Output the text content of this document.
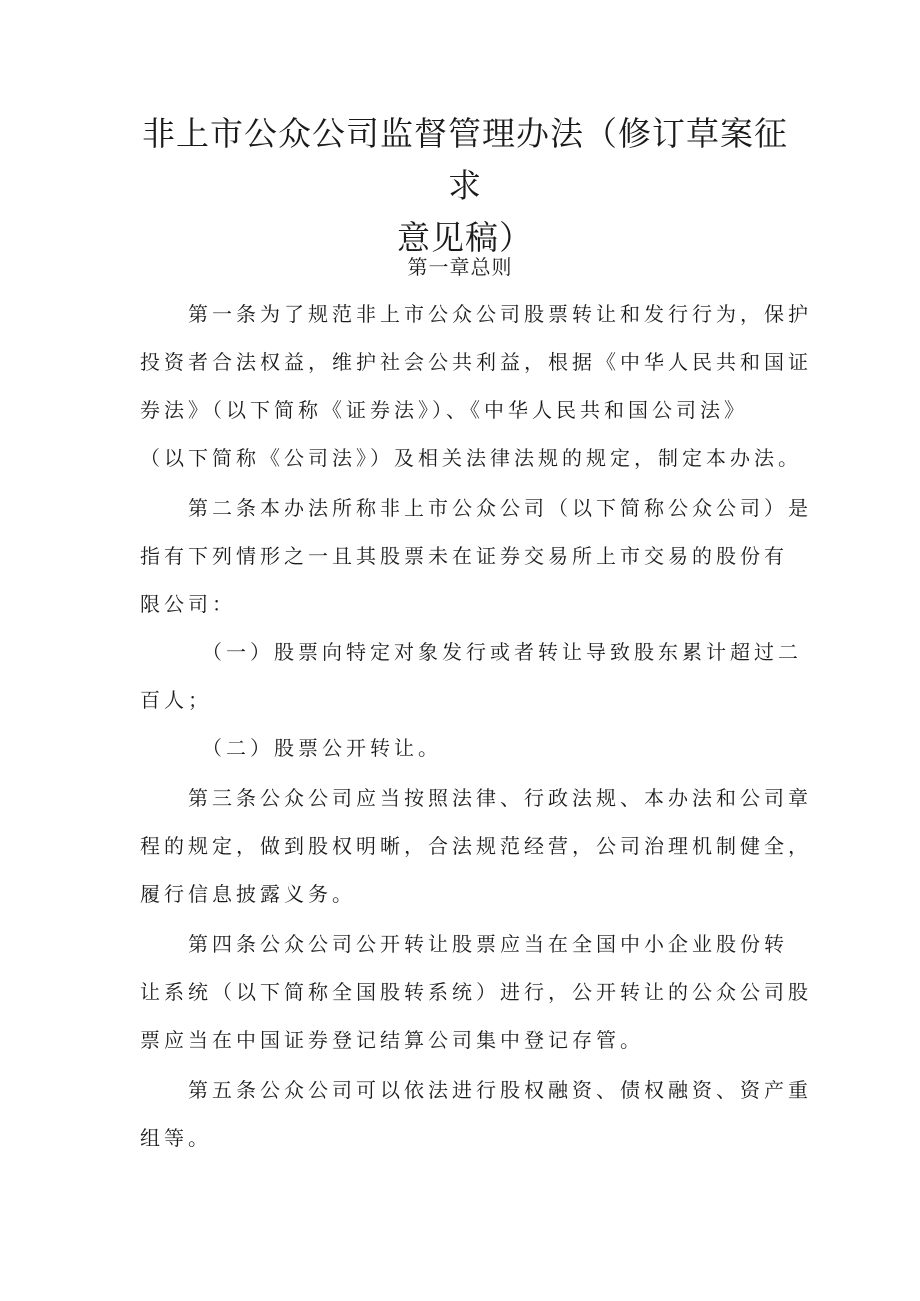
非上市公众公司监督管理办法（修订草案征求
意见稿）
第一章总则

第一条为了规范非上市公众公司股票转让和发行行为，保护
投资者合法权益，维护社会公共利益，根据《中华人民共和国证
券法》（以下简称《证券法》）、《中华人民共和国公司法》
（以下简称《公司法》）及相关法律法规的规定，制定本办法。

第二条本办法所称非上市公众公司（以下简称公众公司）是
指有下列情形之一且其股票未在证券交易所上市交易的股份有
限公司：

（一）股票向特定对象发行或者转让导致股东累计超过二
百人；

（二）股票公开转让。

第三条公众公司应当按照法律、行政法规、本办法和公司章
程的规定，做到股权明晰，合法规范经营，公司治理机制健全，
履行信息披露义务。

第四条公众公司公开转让股票应当在全国中小企业股份转
让系统（以下简称全国股转系统）进行，公开转让的公众公司股
票应当在中国证券登记结算公司集中登记存管。

第五条公众公司可以依法进行股权融资、债权融资、资产重
组等。
